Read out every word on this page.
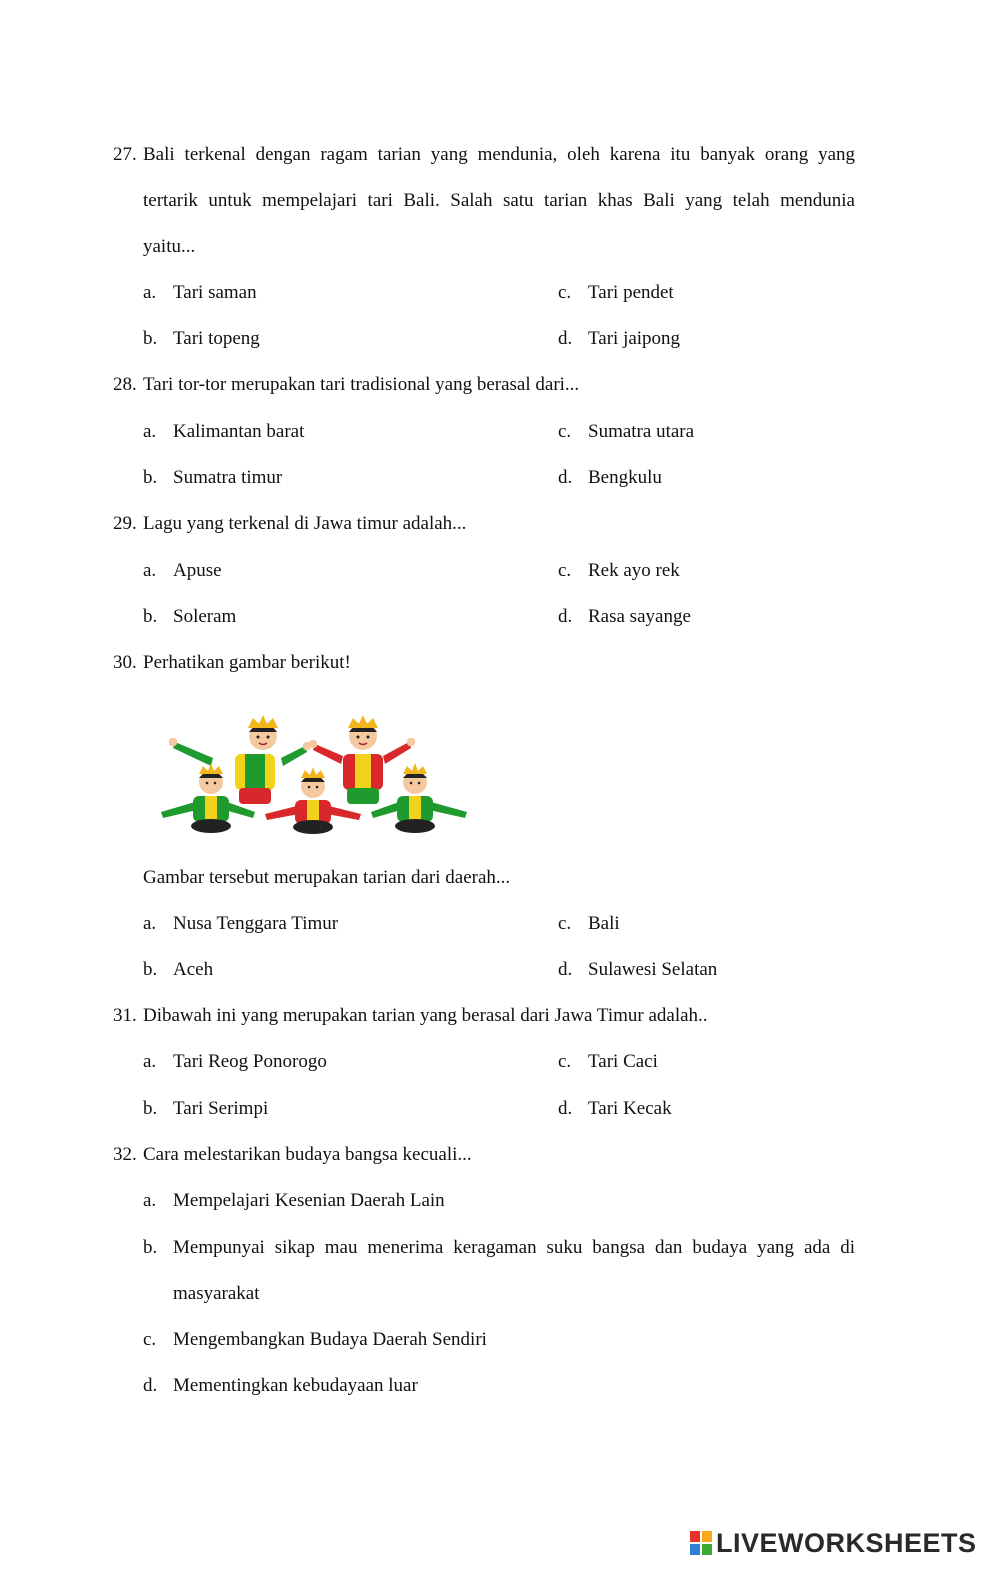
27. Bali terkenal dengan ragam tarian yang mendunia, oleh karena itu banyak orang yang
tertarik untuk mempelajari tari Bali. Salah satu tarian khas Bali yang telah mendunia
yaitu...
a. Tari saman	c. Tari pendet
b. Tari topeng	d. Tari jaipong
28. Tari tor-tor merupakan tari tradisional yang berasal dari...
a. Kalimantan barat	c. Sumatra utara
b. Sumatra timur	d. Bengkulu
29. Lagu yang terkenal di Jawa timur adalah...
a. Apuse	c. Rek ayo rek
b. Soleram	d. Rasa sayange
30. Perhatikan gambar berikut!
Gambar tersebut merupakan tarian dari daerah...
a. Nusa Tenggara Timur	c. Bali
b. Aceh	d. Sulawesi Selatan
31. Dibawah ini yang merupakan tarian yang berasal dari Jawa Timur adalah..
a. Tari Reog Ponorogo	c. Tari Caci
b. Tari Serimpi	d. Tari Kecak
32. Cara melestarikan budaya bangsa kecuali...
a. Mempelajari Kesenian Daerah Lain
b. Mempunyai sikap mau menerima keragaman suku bangsa dan budaya yang ada di
masyarakat
c. Mengembangkan Budaya Daerah Sendiri
d. Mementingkan kebudayaan luar
LIVEWORKSHEETS
